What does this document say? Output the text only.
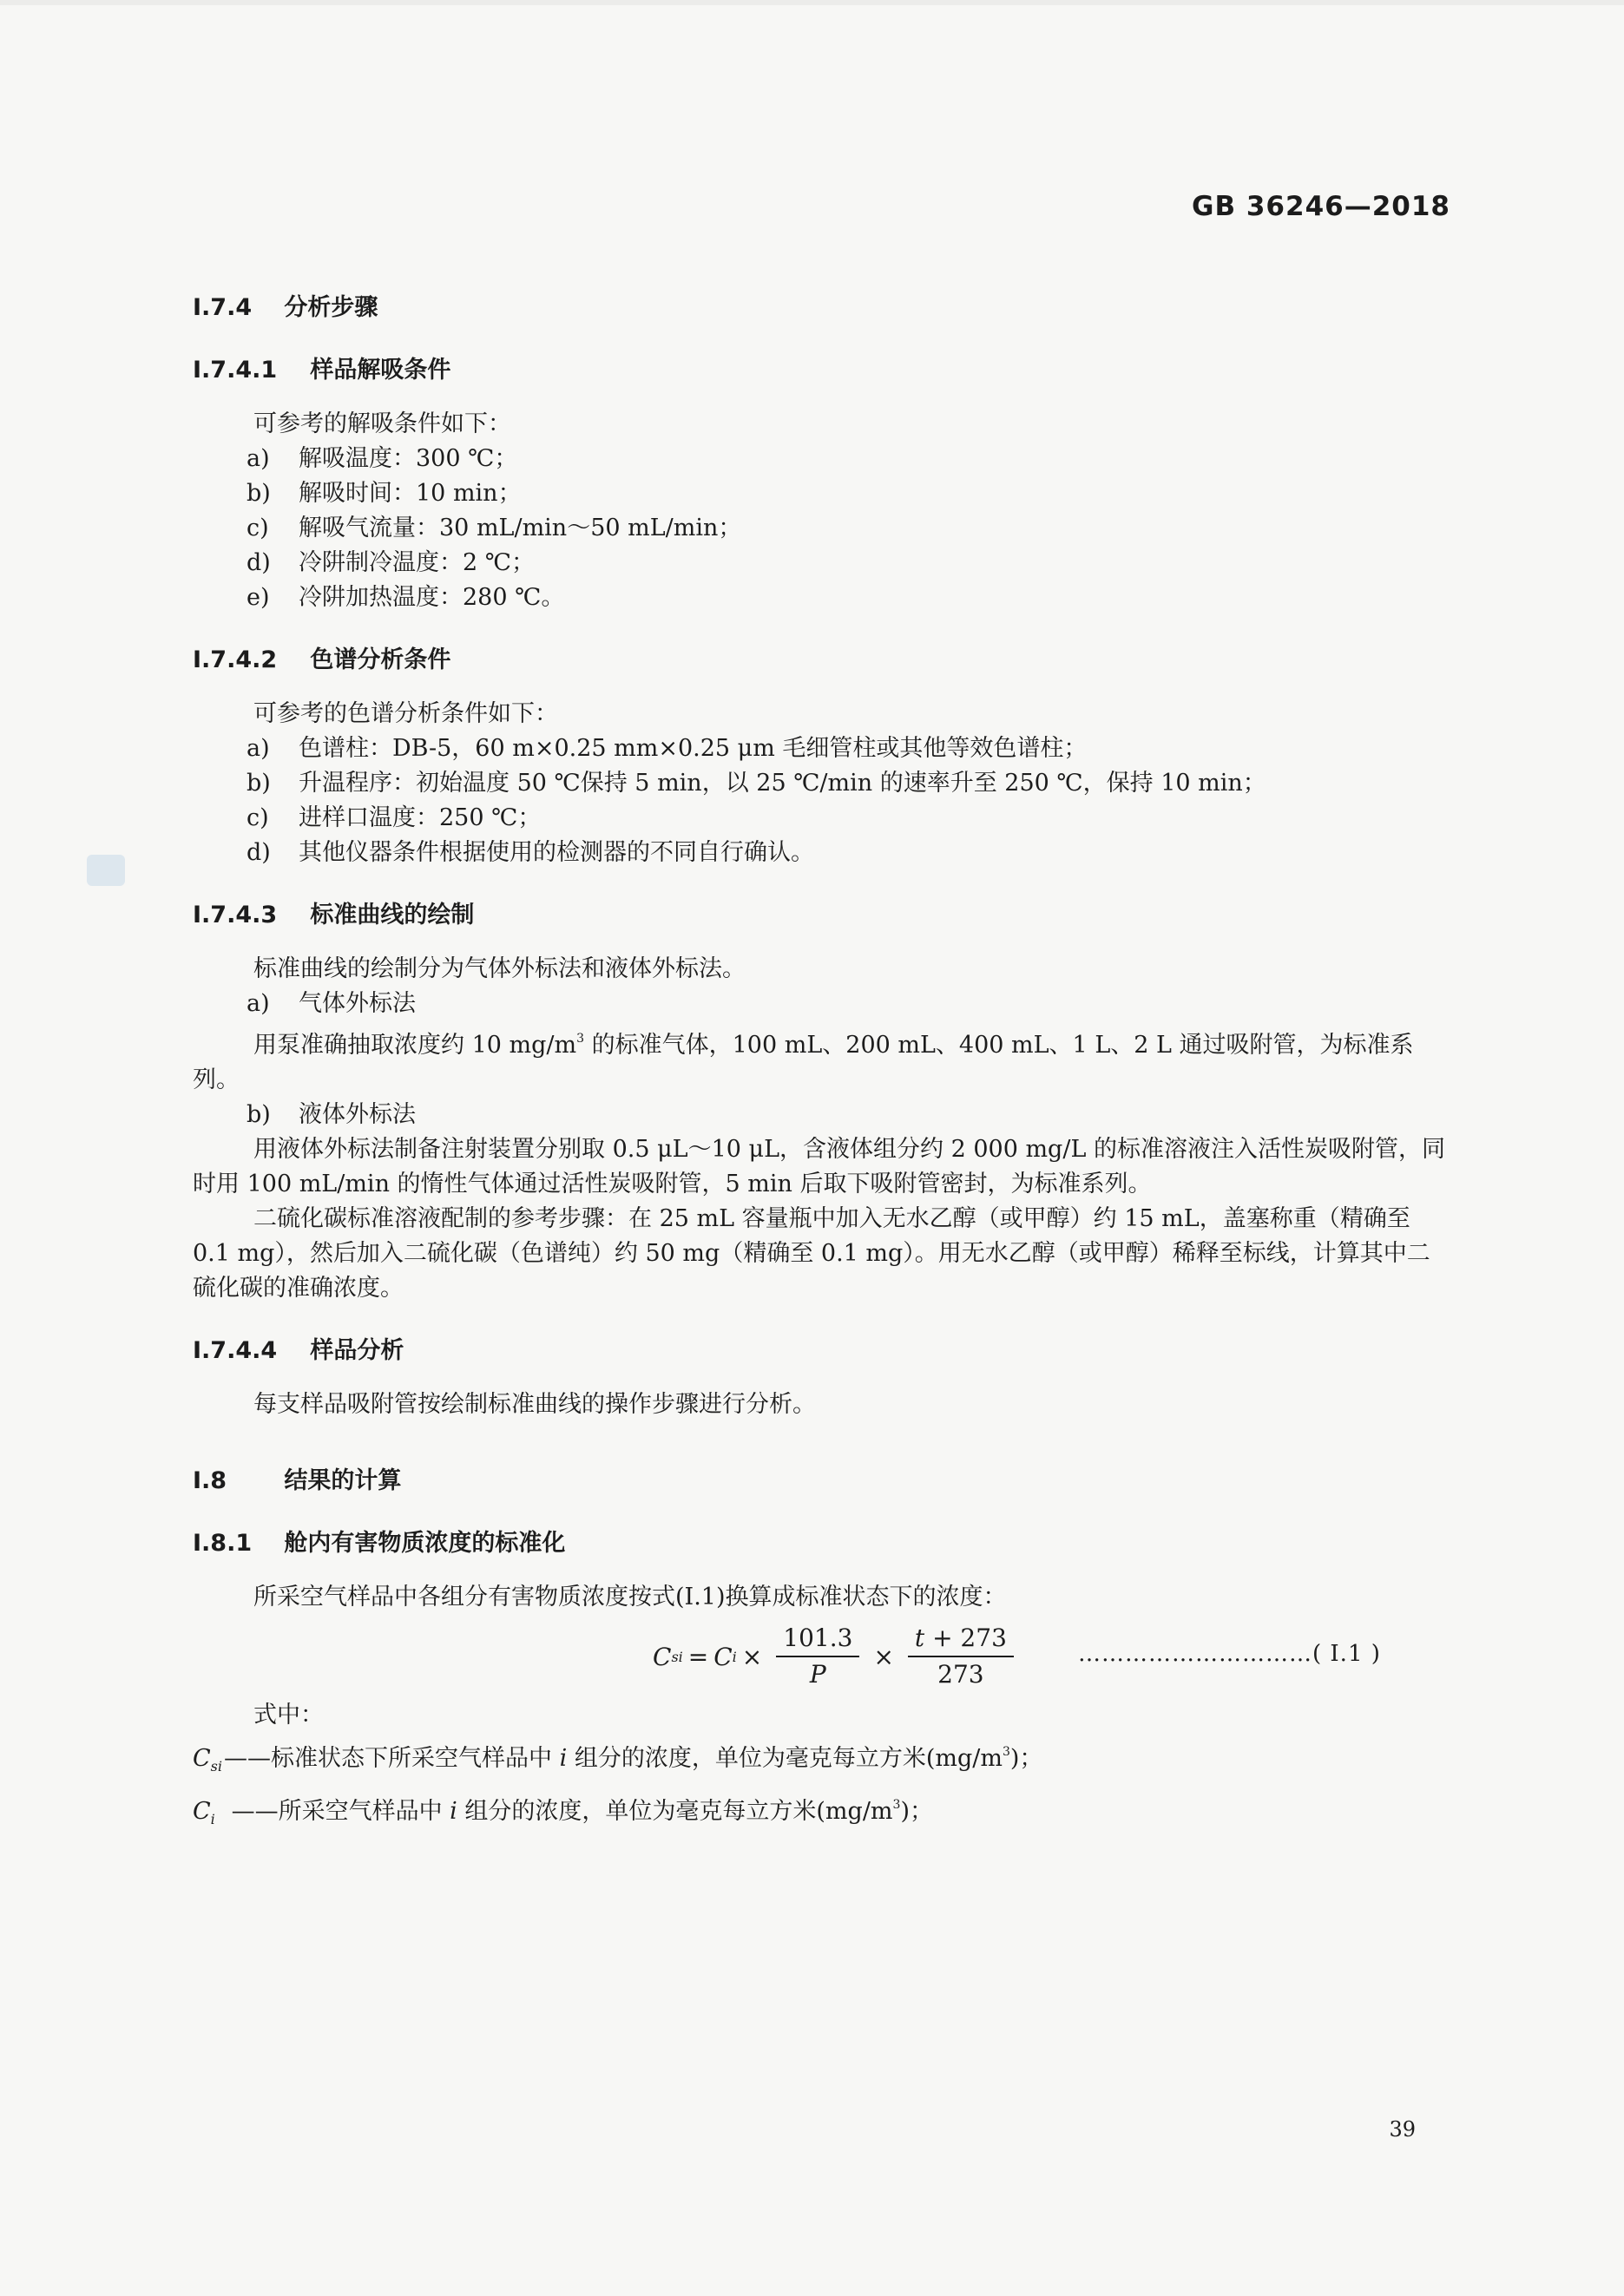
GB 36246—2018
I.7.4 分析步骤
I.7.4.1 样品解吸条件

可参考的解吸条件如下：

a) 解吸温度：300 ℃；
b) 解吸时间：10 min；
c) 解吸气流量：30 mL/min～50 mL/min；
d) 冷阱制冷温度：2 ℃；
e) 冷阱加热温度：280 ℃。
I.7.4.2 色谱分析条件

可参考的色谱分析条件如下：

a) 色谱柱：DB-5，60 m×0.25 mm×0.25 μm 毛细管柱或其他等效色谱柱；
b) 升温程序：初始温度 50 ℃保持 5 min，以 25 ℃/min 的速率升至 250 ℃，保持 10 min；
c) 进样口温度：250 ℃；
d) 其他仪器条件根据使用的检测器的不同自行确认。
I.7.4.3 标准曲线的绘制

标准曲线的绘制分为气体外标法和液体外标法。

a) 气体外标法

用泵准确抽取浓度约 10 $mg/m^3$ 的标准气体，100 mL、200 mL、400 mL、1 L、2 L 通过吸附管，为标准系列。

b) 液体外标法

用液体外标法制备注射装置分别取 0.5 μL～10 μL，含液体组分约 2 000 mg/L 的标准溶液注入活性炭吸附管，同时用 100 mL/min 的惰性气体通过活性炭吸附管，5 min 后取下吸附管密封，为标准系列。

二硫化碳标准溶液配制的参考步骤：在 25 mL 容量瓶中加入无水乙醇（或甲醇）约 15 mL，盖塞称重（精确至 0.1 mg），然后加入二硫化碳（色谱纯）约 50 mg（精确至 0.1 mg）。用无水乙醇（或甲醇）稀释至标线，计算其中二硫化碳的准确浓度。

I.7.4.4 样品分析

每支样品吸附管按绘制标准曲线的操作步骤进行分析。

I.8 结果的计算
I.8.1 舱内有害物质浓度的标准化

所采空气样品中各组分有害物质浓度按式(I.1)换算成标准状态下的浓度：

C si = C $i \times \frac{101.3}{P} \times \frac{t + 273}{273}$	…………………………( I.1 )

式中：

$C_{si}——$标准状态下所采空气样品中 i 组分的浓度，单位为毫克每立方米$(mg/m^3)$；
$C_i$ ——所采空气样品中 i 组分的浓度，单位为毫克每立方米$(mg/m^3)$；
39
